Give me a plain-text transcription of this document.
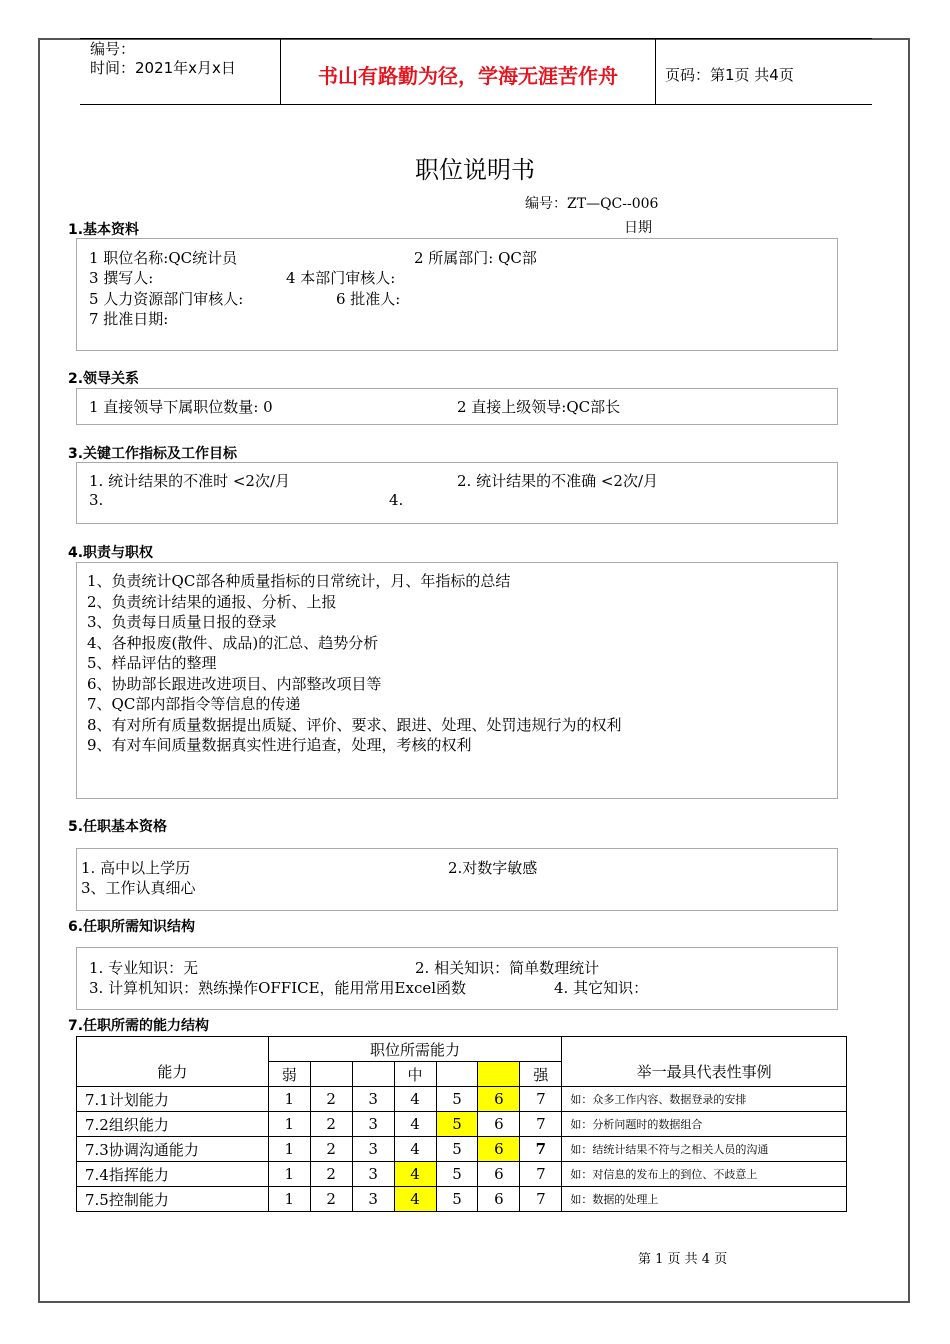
编号：
时间：2021年x月x日	书山有路勤为径，学海无涯苦作舟	页码：第1页 共4页
职位说明书
编号：ZT—QC--006
日期
1.基本资料
1 职位名称:QC统计员	2 所属部门: QC部
3 撰写人:	4 本部门审核人:
5 人力资源部门审核人:	6 批准人:
7 批准日期:
2.领导关系
1 直接领导下属职位数量: 0	2 直接上级领导:QC部长
3.关键工作指标及工作目标
1. 统计结果的不准时 <2次/月	2. 统计结果的不准确 <2次/月
3.	4.
4.职责与职权
1、负责统计QC部各种质量指标的日常统计，月、年指标的总结
2、负责统计结果的通报、分析、上报
3、负责每日质量日报的登录
4、各种报废(散件、成品)的汇总、趋势分析
5、样品评估的整理
6、协助部长跟进改进项目、内部整改项目等
7、QC部内部指令等信息的传递
8、有对所有质量数据提出质疑、评价、要求、跟进、处理、处罚违规行为的权利
9、有对车间质量数据真实性进行追查，处理，考核的权利
5.任职基本资格
1. 高中以上学历	2.对数字敏感
3、工作认真细心
6.任职所需知识结构
1. 专业知识：无	2. 相关知识：简单数理统计
3. 计算机知识：熟练操作OFFICE，能用常用Excel函数	4. 其它知识：
7.任职所需的能力结构
能力	职位所需能力							举一最具代表性事例
	弱			中			强	
7.1计划能力	1	2	3	4	5	6	7	如：众多工作内容、数据登录的安排
7.2组织能力	1	2	3	4	5	6	7	如：分析问题时的数据组合
7.3协调沟通能力	1	2	3	4	5	6	7	如：结统计结果不符与之相关人员的沟通
7.4指挥能力	1	2	3	4	5	6	7	如：对信息的发布上的到位、不歧意上
7.5控制能力	1	2	3	4	5	6	7	如：数据的处理上
第 1 页 共 4 页
